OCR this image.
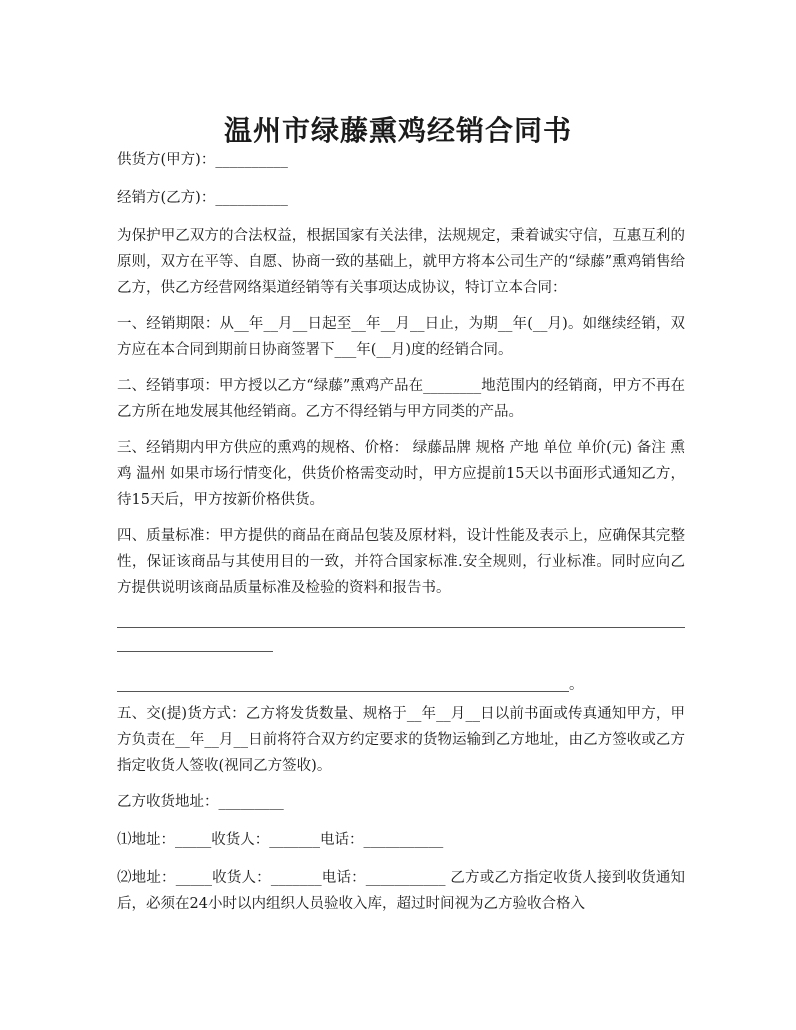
温州市绿藤熏鸡经销合同书

供货方(甲方)：__________

经销方(乙方)：__________

为保护甲乙双方的合法权益，根据国家有关法律，法规规定，秉着诚实守信，互惠互利的原则，双方在平等、自愿、协商一致的基础上，就甲方将本公司生产的“绿藤”熏鸡销售给乙方，供乙方经营网络渠道经销等有关事项达成协议，特订立本合同：

一、经销期限：从__年__月__日起至__年__月__日止，为期__年(__月)。如继续经销，双方应在本合同到期前日协商签署下___年(__月)度的经销合同。

二、经销事项：甲方授以乙方“绿藤”熏鸡产品在________地范围内的经销商，甲方不再在乙方所在地发展其他经销商。乙方不得经销与甲方同类的产品。

三、经销期内甲方供应的熏鸡的规格、价格： 绿藤品牌 规格 产地 单位 单价(元) 备注 熏鸡 温州 如果市场行情变化，供货价格需变动时，甲方应提前15天以书面形式通知乙方，待15天后，甲方按新价格供货。

四、质量标准：甲方提供的商品在商品包装及原材料，设计性能及表示上，应确保其完整性，保证该商品与其使用目的一致，并符合国家标准.安全规则，行业标准。同时应向乙方提供说明该商品质量标准及检验的资料和报告书。

。

五、交(提)货方式：乙方将发货数量、规格于__年__月__日以前书面或传真通知甲方，甲方负责在__年__月__日前将符合双方约定要求的货物运输到乙方地址，由乙方签收或乙方指定收货人签收(视同乙方签收)。

乙方收货地址：_________

⑴地址：_____收货人：_______电话：___________

⑵地址：_____收货人：_______电话：___________ 乙方或乙方指定收货人接到收货通知后，必须在24小时以内组织人员验收入库，超过时间视为乙方验收合格入
